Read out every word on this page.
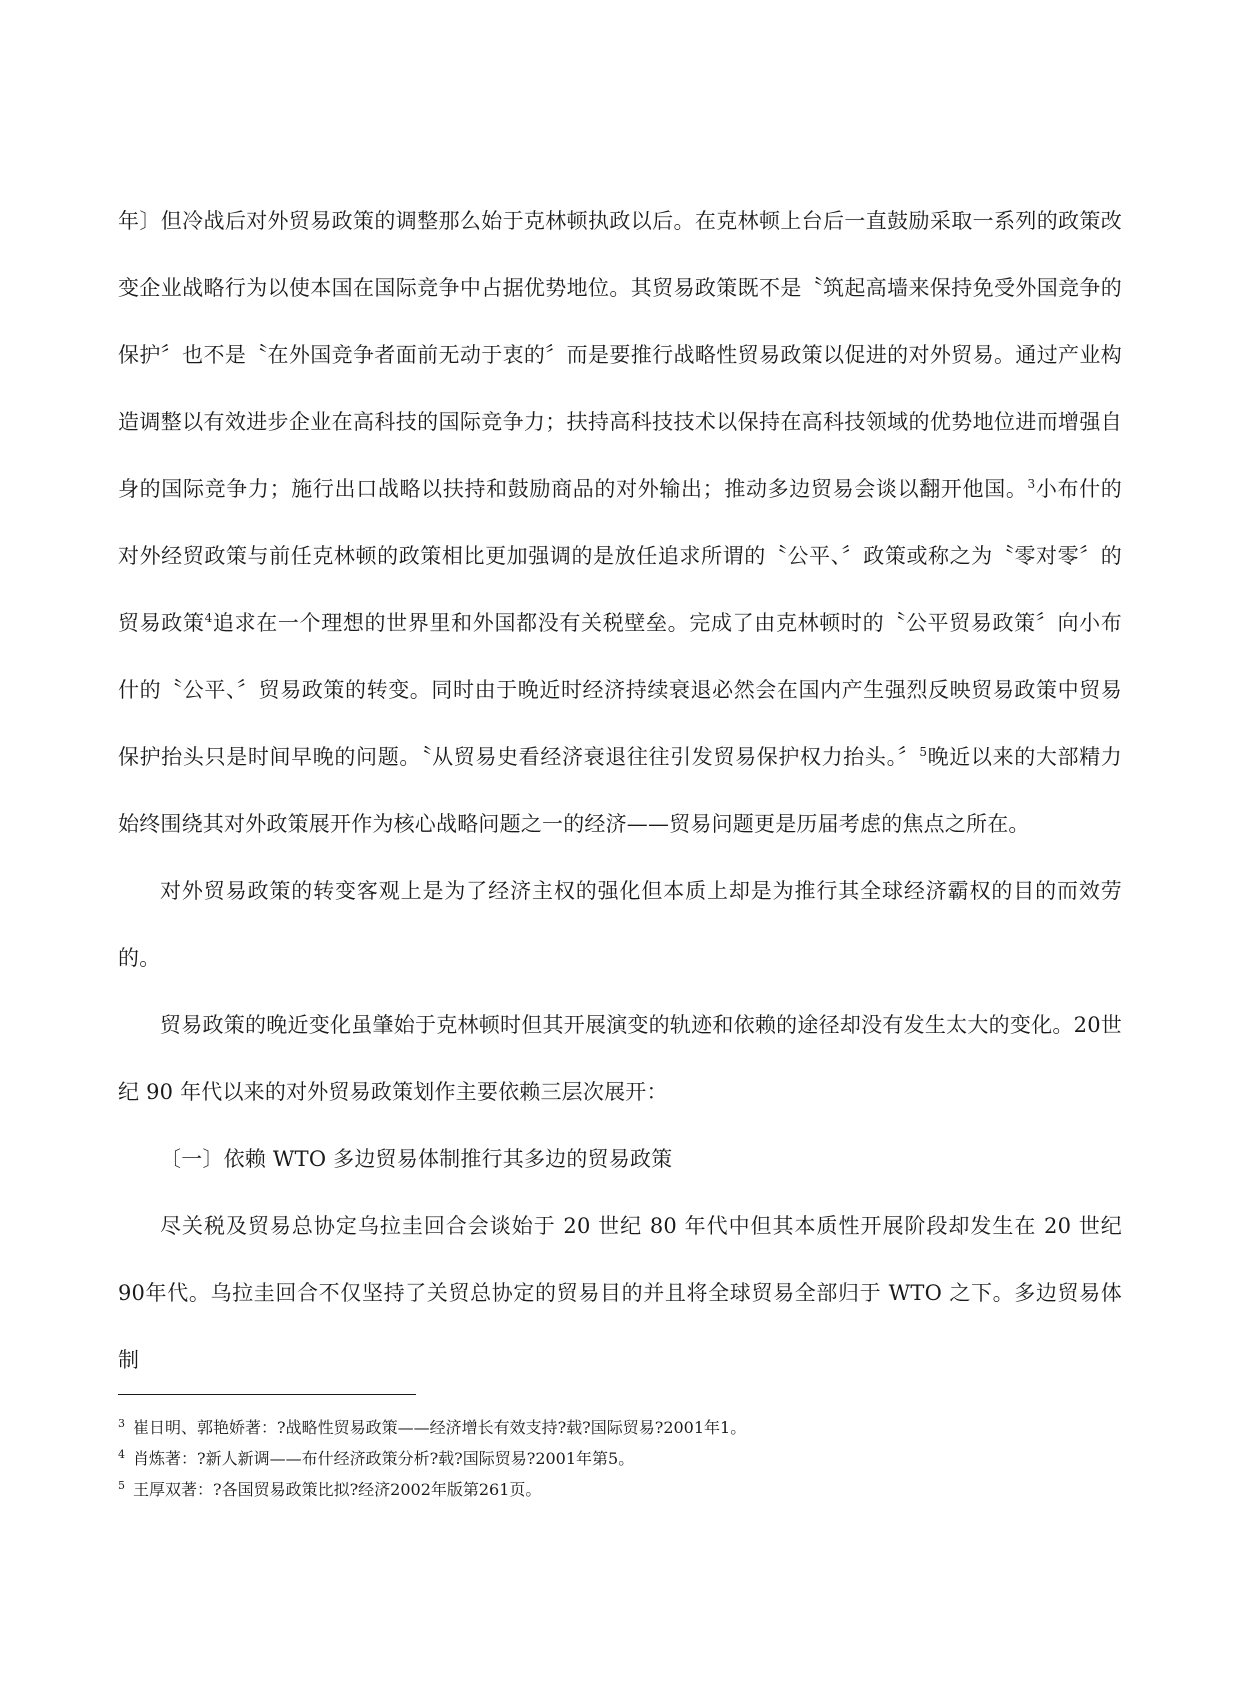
年〕但冷战后对外贸易政策的调整那么始于克林顿执政以后。在克林顿上台后一直鼓励采取一系列的政策改变企业战略行为以使本国在国际竞争中占据优势地位。其贸易政策既不是〝筑起高墙来保持免受外国竞争的保护〞也不是〝在外国竞争者面前无动于衷的〞而是要推行战略性贸易政策以促进的对外贸易。通过产业构造调整以有效进步企业在高科技的国际竞争力；扶持高科技技术以保持在高科技领域的优势地位进而增强自身的国际竞争力；施行出口战略以扶持和鼓励商品的对外输出；推动多边贸易会谈以翻开他国。$^3$小布什的对外经贸政策与前任克林顿的政策相比更加强调的是放任追求所谓的〝公平、〞政策或称之为〝零对零〞的贸易政策$^4$追求在一个理想的世界里和外国都没有关税壁垒。完成了由克林顿时的〝公平贸易政策〞向小布什的〝公平、〞贸易政策的转变。同时由于晚近时经济持续衰退必然会在国内产生强烈反映贸易政策中贸易保护抬头只是时间早晚的问题。〝从贸易史看经济衰退往往引发贸易保护权力抬头。〞$^5$晚近以来的大部精力始终围绕其对外政策展开作为核心战略问题之一的经济——贸易问题更是历届考虑的焦点之所在。

对外贸易政策的转变客观上是为了经济主权的强化但本质上却是为推行其全球经济霸权的目的而效劳的。

贸易政策的晚近变化虽肇始于克林顿时但其开展演变的轨迹和依赖的途径却没有发生太大的变化。20世纪 90 年代以来的对外贸易政策划作主要依赖三层次展开：

〔一〕依赖 WTO 多边贸易体制推行其多边的贸易政策

尽关税及贸易总协定乌拉圭回合会谈始于 20 世纪 80 年代中但其本质性开展阶段却发生在 20 世纪 90年代。乌拉圭回合不仅坚持了关贸总协定的贸易目的并且将全球贸易全部归于 WTO 之下。多边贸易体制

$^3$ 崔日明、郭艳娇著：?战略性贸易政策——经济增长有效支持?载?国际贸易?2001年1。

$^4$ 肖炼著：?新人新调——布什经济政策分析?载?国际贸易?2001年第5。

$^5$ 王厚双著：?各国贸易政策比拟?经济2002年版第261页。
